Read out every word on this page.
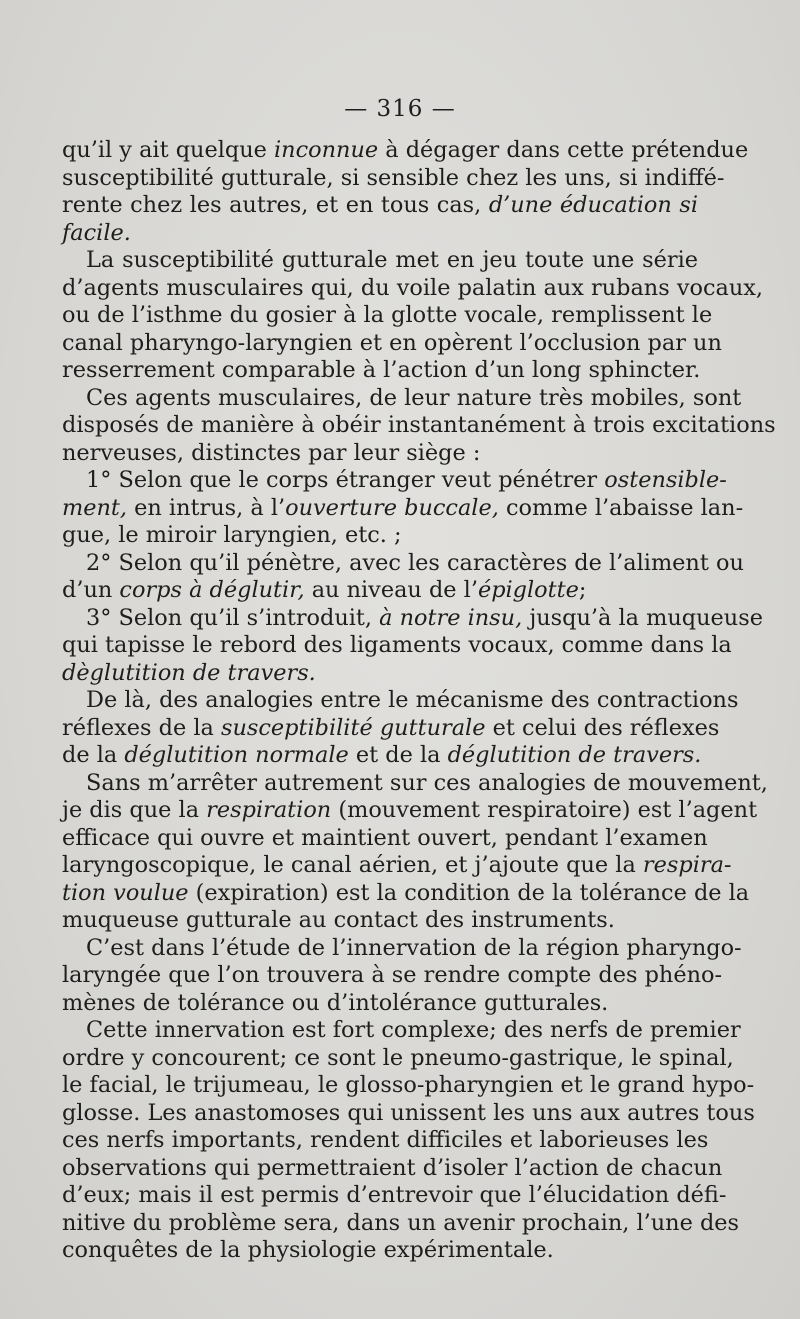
— 316 —
qu’il y ait quelque inconnue à dégager dans cette prétendue
susceptibilité gutturale, si sensible chez les uns, si indiffé-
rente chez les autres, et en tous cas, d’une éducation si
facile.
La susceptibilité gutturale met en jeu toute une série
d’agents musculaires qui, du voile palatin aux rubans vocaux,
ou de l’isthme du gosier à la glotte vocale, remplissent le
canal pharyngo-laryngien et en opèrent l’occlusion par un
resserrement comparable à l’action d’un long sphincter.
Ces agents musculaires, de leur nature très mobiles, sont
disposés de manière à obéir instantanément à trois excitations
nerveuses, distinctes par leur siège :
1° Selon que le corps étranger veut pénétrer ostensible-
ment, en intrus, à l’ouverture buccale, comme l’abaisse lan-
gue, le miroir laryngien, etc. ;
2° Selon qu’il pénètre, avec les caractères de l’aliment ou
d’un corps à déglutir, au niveau de l’épiglotte;
3° Selon qu’il s’introduit, à notre insu, jusqu’à la muqueuse
qui tapisse le rebord des ligaments vocaux, comme dans la
dèglutition de travers.
De là, des analogies entre le mécanisme des contractions
réflexes de la susceptibilité gutturale et celui des réflexes
de la déglutition normale et de la déglutition de travers.
Sans m’arrêter autrement sur ces analogies de mouvement,
je dis que la respiration (mouvement respiratoire) est l’agent
efficace qui ouvre et maintient ouvert, pendant l’examen
laryngoscopique, le canal aérien, et j’ajoute que la respira-
tion voulue (expiration) est la condition de la tolérance de la
muqueuse gutturale au contact des instruments.
C’est dans l’étude de l’innervation de la région pharyngo-
laryngée que l’on trouvera à se rendre compte des phéno-
mènes de tolérance ou d’intolérance gutturales.
Cette innervation est fort complexe; des nerfs de premier
ordre y concourent; ce sont le pneumo-gastrique, le spinal,
le facial, le trijumeau, le glosso-pharyngien et le grand hypo-
glosse. Les anastomoses qui unissent les uns aux autres tous
ces nerfs importants, rendent difficiles et laborieuses les
observations qui permettraient d’isoler l’action de chacun
d’eux; mais il est permis d’entrevoir que l’élucidation défi-
nitive du problème sera, dans un avenir prochain, l’une des
conquêtes de la physiologie expérimentale.
